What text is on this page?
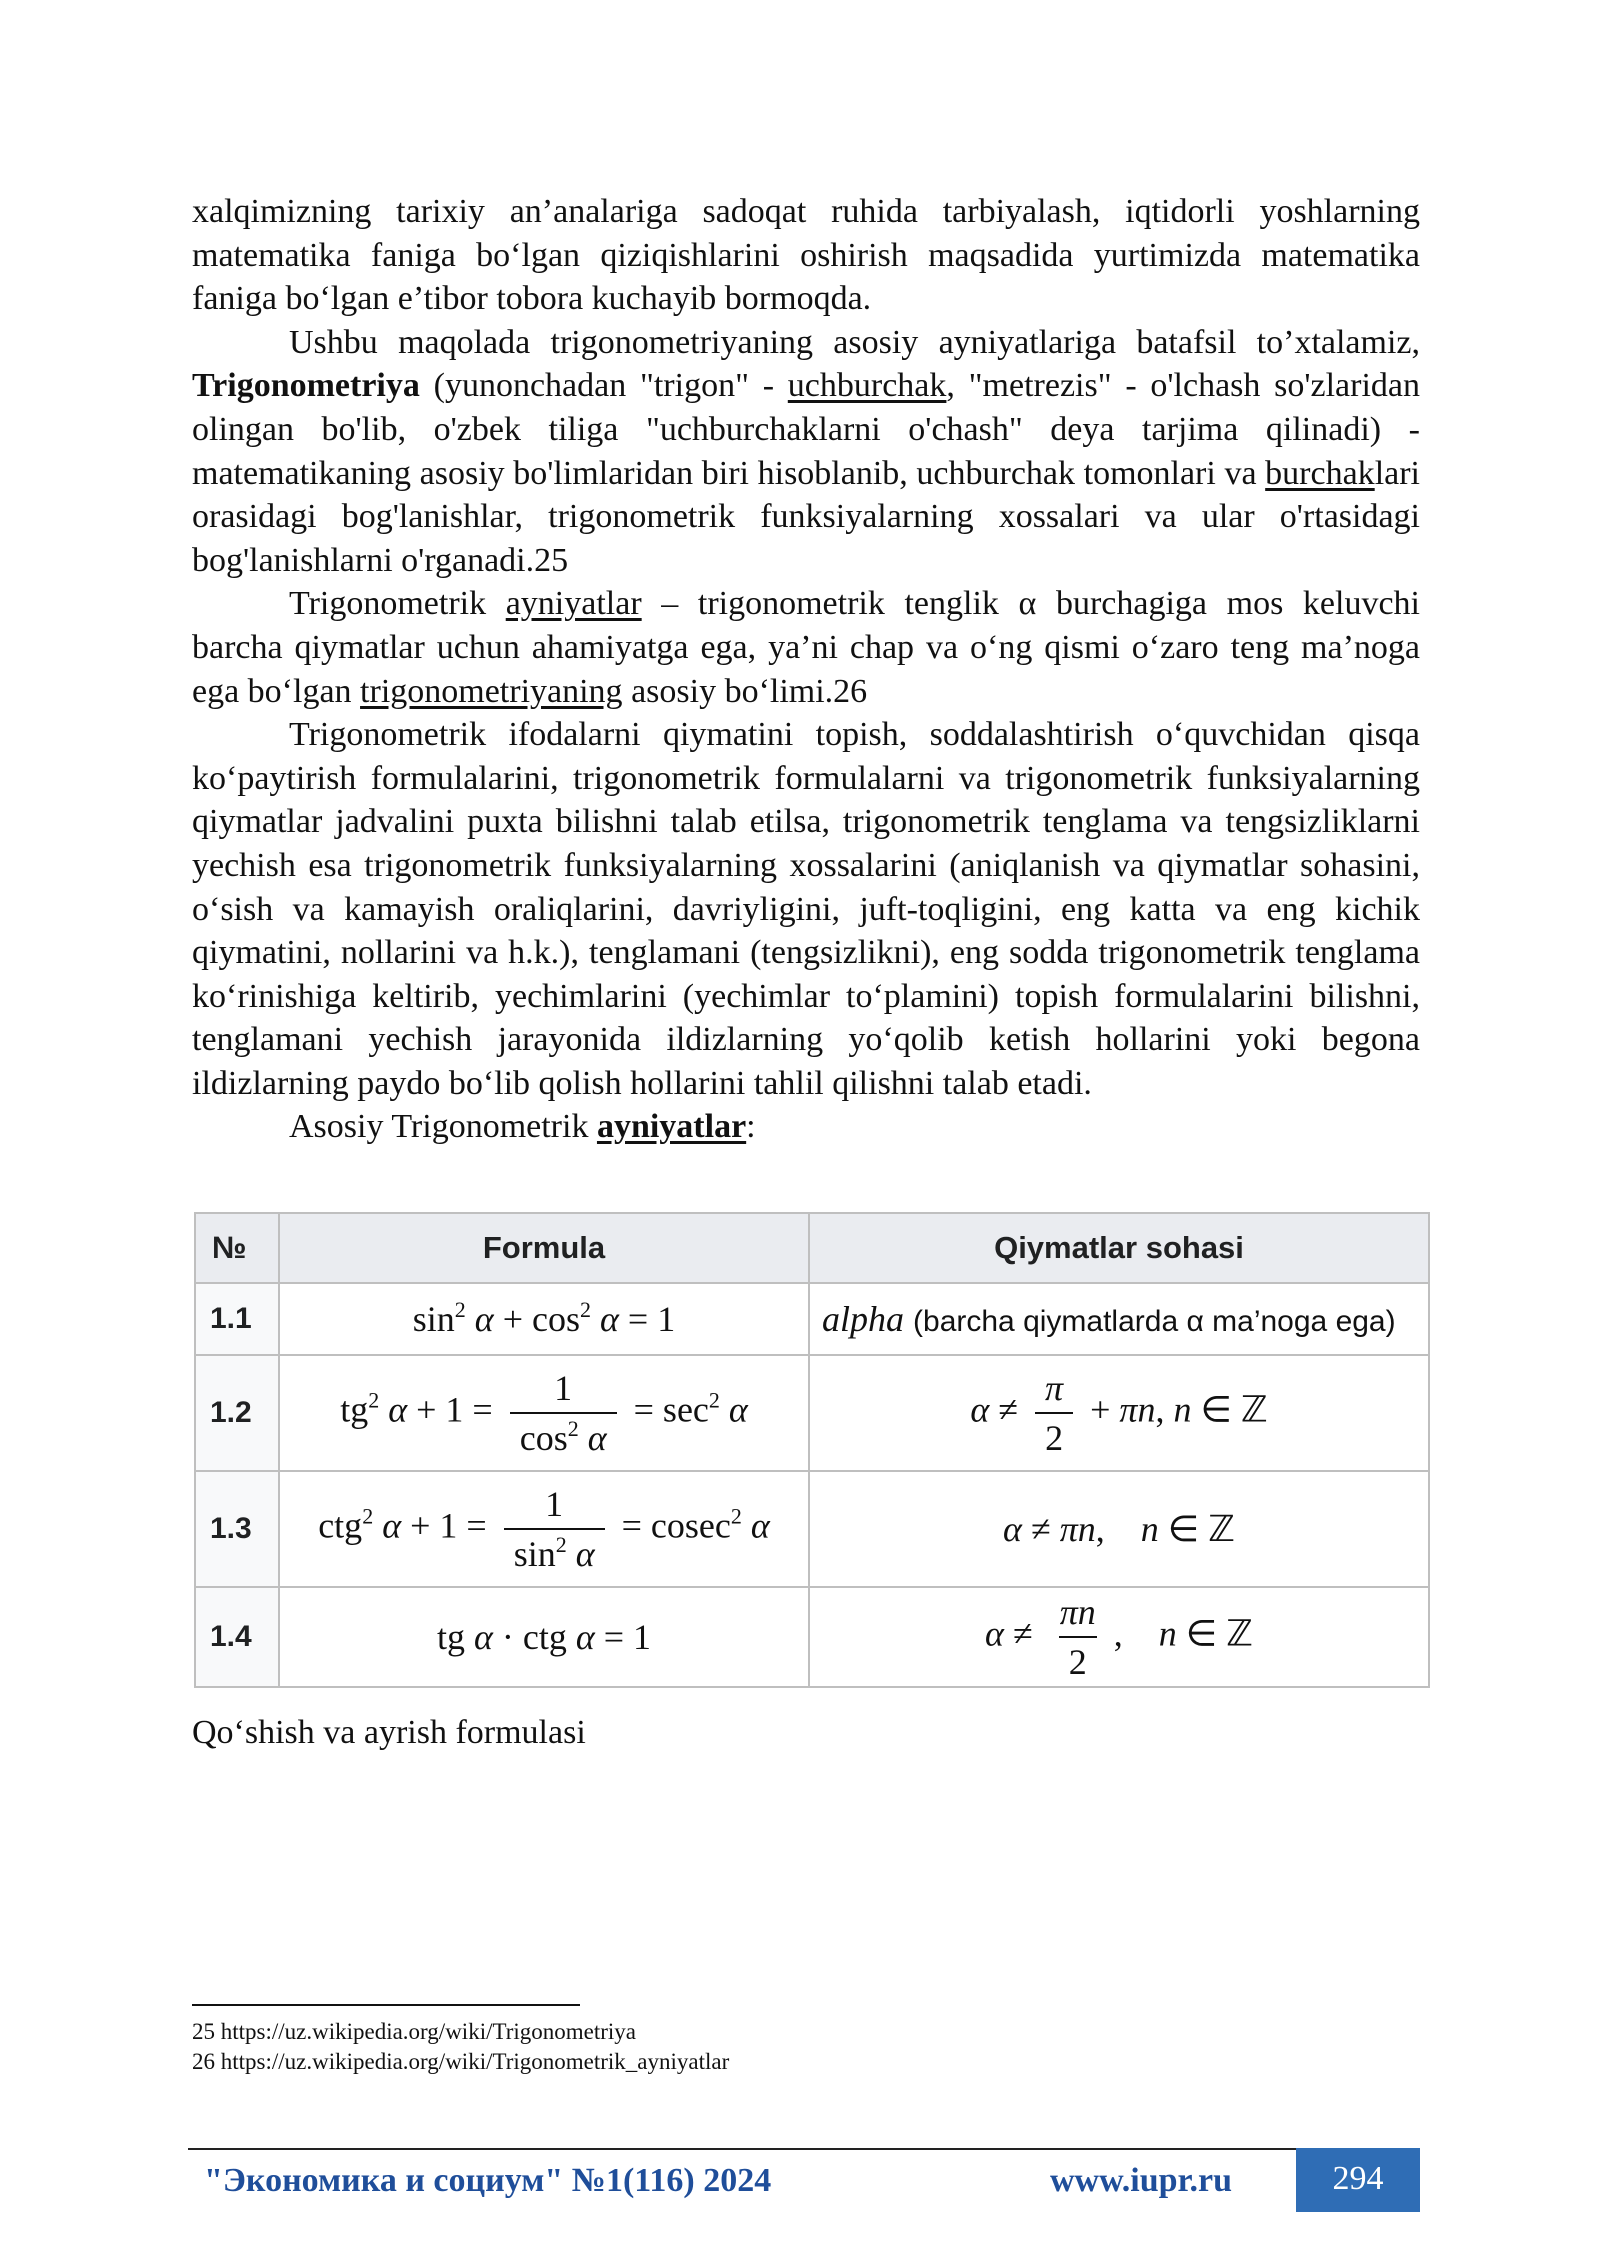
xalqimizning tarixiy an’analariga sadoqat ruhida tarbiyalash, iqtidorli yoshlarning matematika faniga bo‘lgan qiziqishlarini oshirish maqsadida yurtimizda matematika faniga bo‘lgan e’tibor tobora kuchayib bormoqda.

Ushbu maqolada trigonometriyaning asosiy ayniyatlariga batafsil to’xtalamiz, Trigonometriya (yunonchadan "trigon" - uchburchak, "metrezis" - o'lchash so'zlaridan olingan bo'lib, o'zbek tiliga "uchburchaklarni o'chash" deya tarjima qilinadi) - matematikaning asosiy bo'limlaridan biri hisoblanib, uchburchak tomonlari va burchaklari orasidagi bog'lanishlar, trigonometrik funksiyalarning xossalari va ular o'rtasidagi bog'lanishlarni o'rganadi.25

Trigonometrik ayniyatlar – trigonometrik tenglik α burchagiga mos keluvchi barcha qiymatlar uchun ahamiyatga ega, ya’ni chap va o‘ng qismi o‘zaro teng ma’noga ega bo‘lgan trigonometriyaning asosiy bo‘limi.26

Trigonometrik ifodalarni qiymatini topish, soddalashtirish o‘quvchidan qisqa ko‘paytirish formulalarini, trigonometrik formulalarni va trigonometrik funksiyalarning qiymatlar jadvalini puxta bilishni talab etilsa, trigonometrik tenglama va tengsizliklarni yechish esa trigonometrik funksiyalarning xossalarini (aniqlanish va qiymatlar sohasini, o‘sish va kamayish oraliqlarini, davriyligini, juft-toqligini, eng katta va eng kichik qiymatini, nollarini va h.k.), tenglamani (tengsizlikni), eng sodda trigonometrik tenglama ko‘rinishiga keltirib, yechimlarini (yechimlar to‘plamini) topish formulalarini bilishni, tenglamani yechish jarayonida ildizlarning yo‘qolib ketish hollarini yoki begona ildizlarning paydo bo‘lib qolish hollarini tahlil qilishni talab etadi.

Asosiy Trigonometrik ayniyatlar:

№	Formula	Qiymatlar sohasi
1.1	$\sin^2 \alpha + \cos^2 \alpha = 1$	alpha (barcha qiymatlarda α ma’noga ega)
1.2	$tg^2$ $\alpha + 1 = \frac{1}{\cos^2 \alpha} = \sec^2 \alpha$	$\alpha \ne \frac{\pi}{2} + \pi n$, n ∈ ℤ
1.3	ctg$^2$ $\alpha + 1 = \frac{1}{\sin^2 \alpha} = cosec^2$ α	α ≠ πn,    n ∈ ℤ
1.4	tg α · ctg α = 1	$\alpha \ne \frac{\pi n}{2}$ ,    n ∈ ℤ

Qo‘shish va ayrish formulasi

25 https://uz.wikipedia.org/wiki/Trigonometriya

26 https://uz.wikipedia.org/wiki/Trigonometrik_ayniyatlar

"Экономика и социум" №1(116) 2024	www.iupr.ru	294
